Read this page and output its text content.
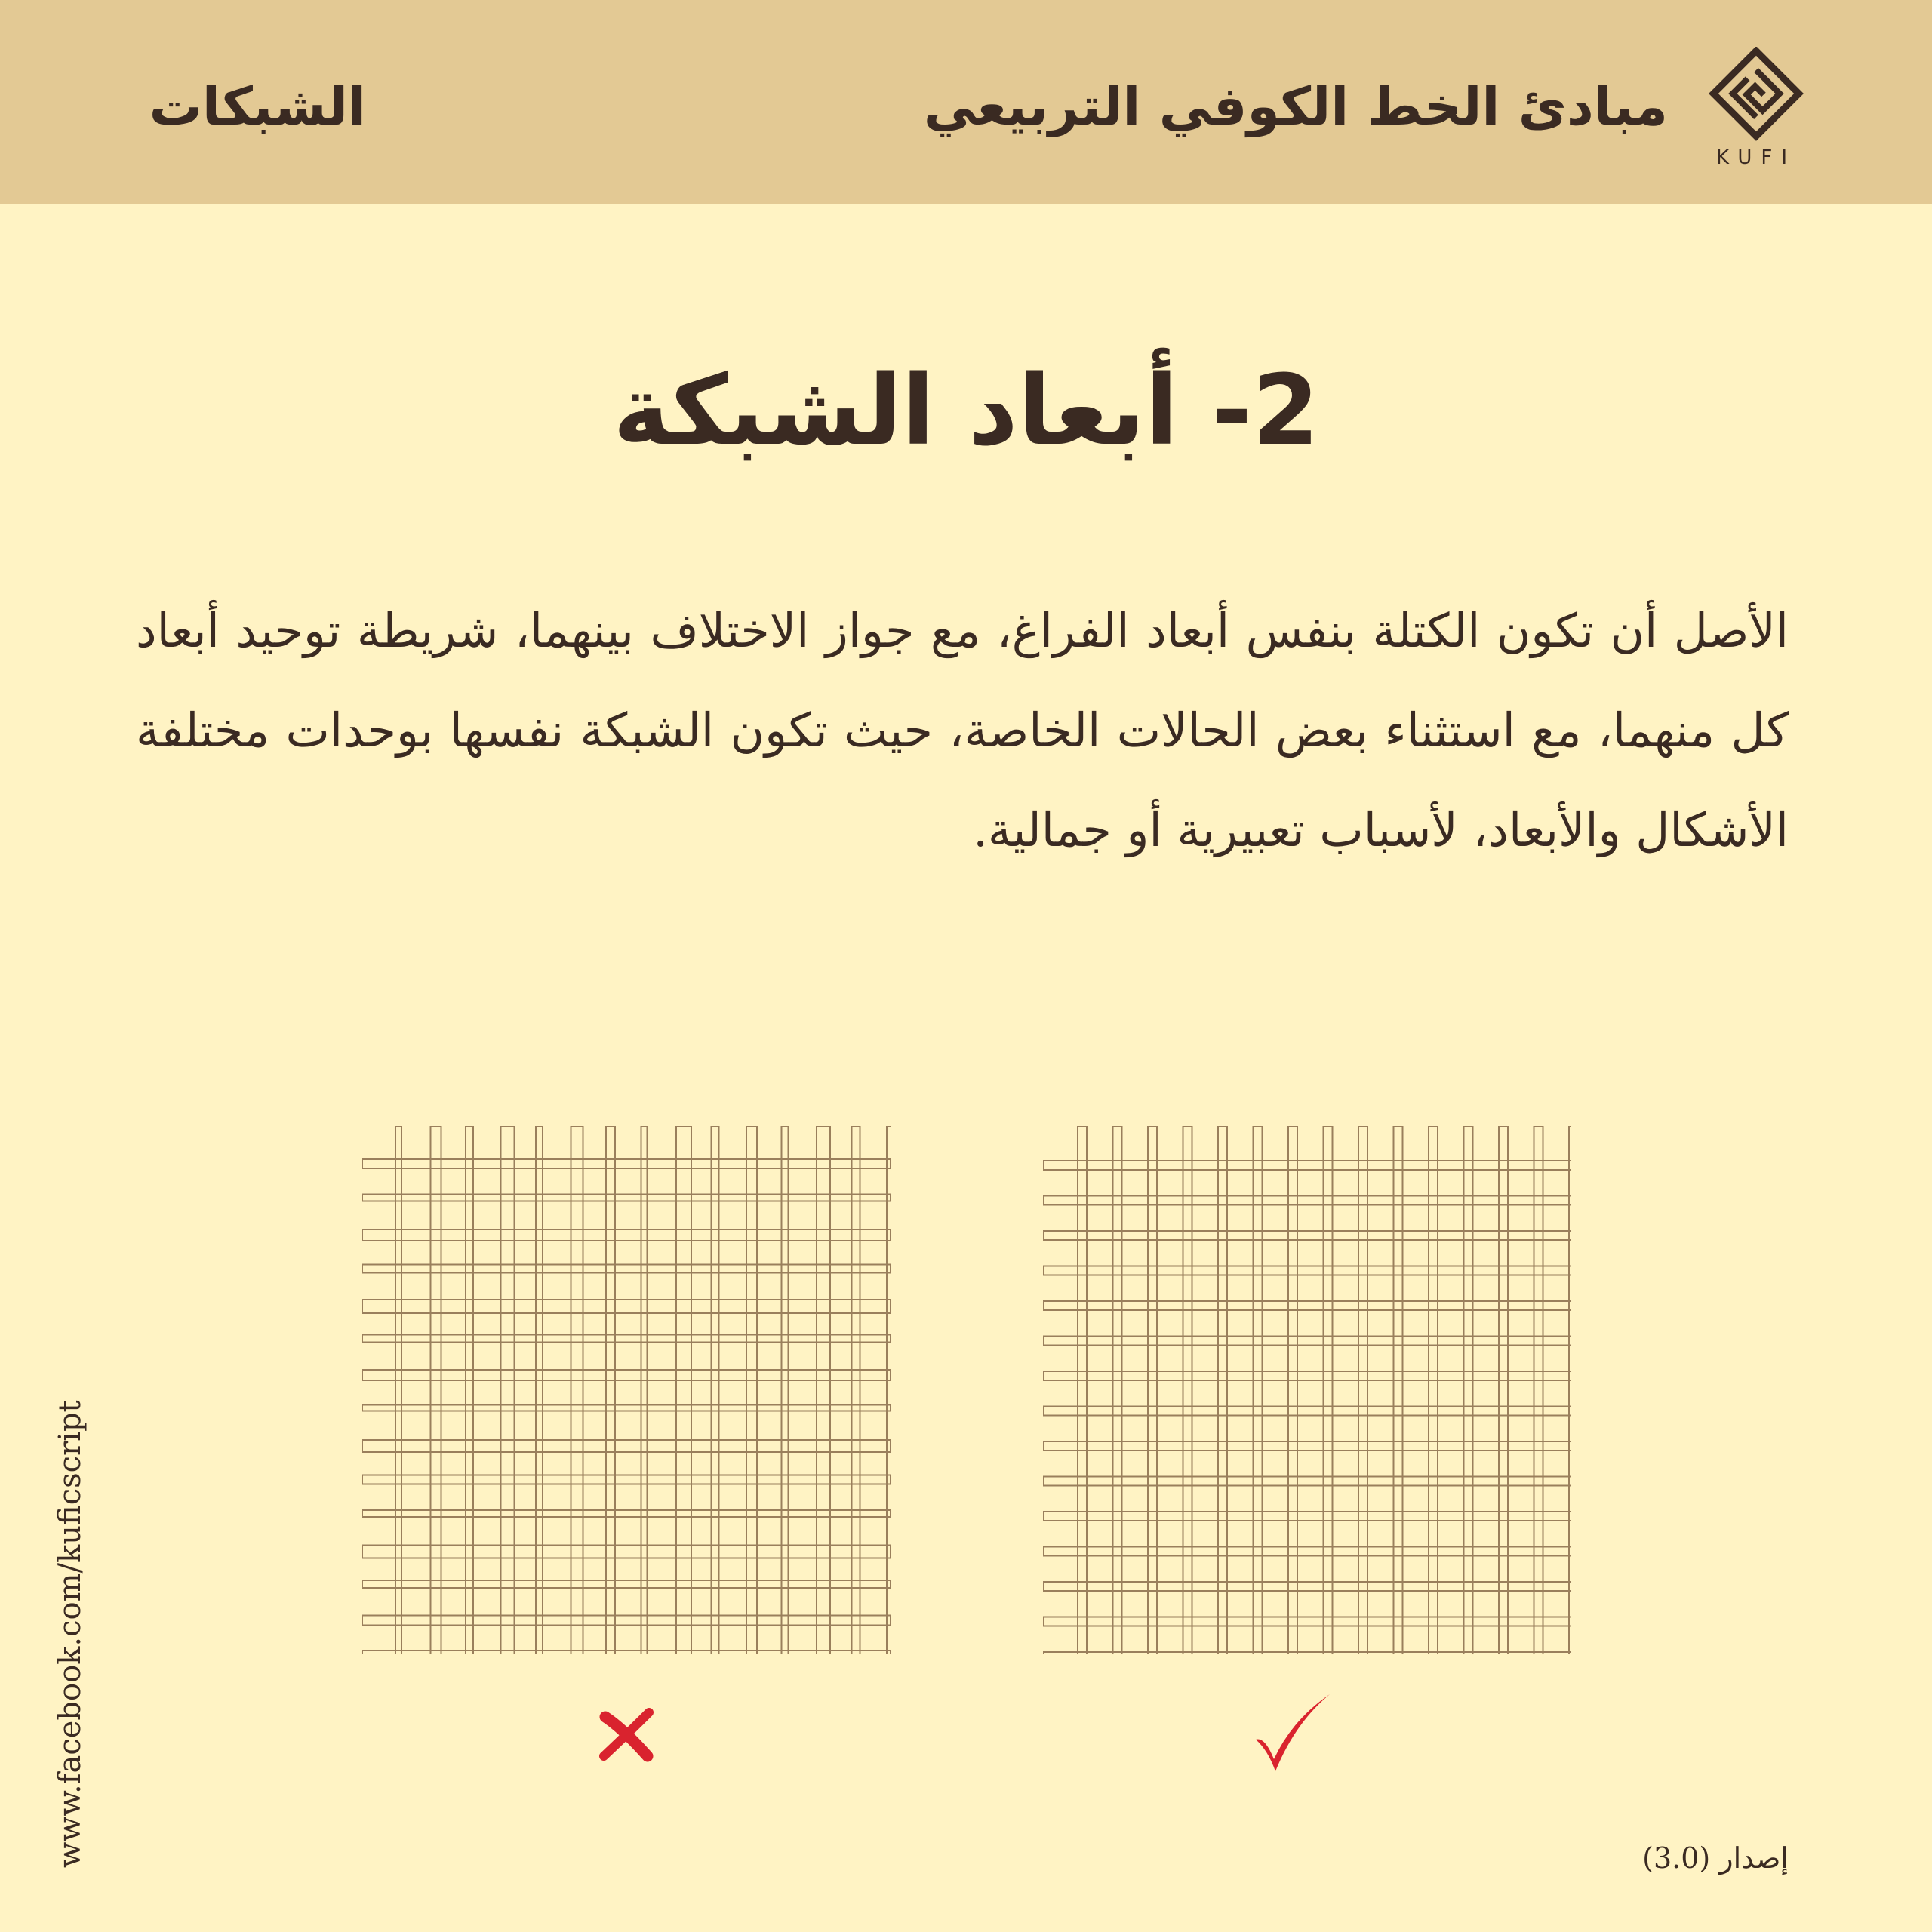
KUFI
مبادئ الخط الكوفي التربيعي
الشبكات
2- أبعاد الشبكة
الأصل أن تكون الكتلة بنفس أبعاد الفراغ، مع جواز الاختلاف بينهما، شريطة توحيد أبعاد كل منهما، مع استثناء بعض الحالات الخاصة، حيث تكون الشبكة نفسها بوحدات مختلفة الأشكال والأبعاد، لأسباب تعبيرية أو جمالية.
www.facebook.com/kuficscript	إصدار (3.0)
